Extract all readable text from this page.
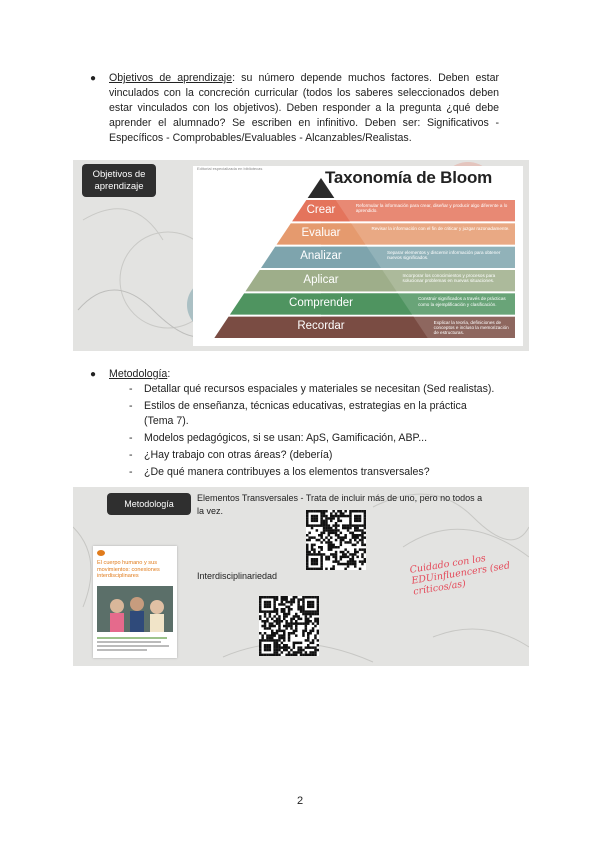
● Objetivos de aprendizaje: su número depende muchos factores. Deben estar vinculados con la concreción curricular (todos los saberes seleccionados deben estar vinculados con los objetivos). Deben responder a la pregunta ¿qué debe aprender el alumnado? Se escriben en infinitivo. Deben ser: Significativos - Específicos - Comprobables/Evaluables - Alcanzables/Realistas.
Objetivos de aprendizaje
Editorial especializada en bibliotecas	Taxonomía de Bloom
Crear	Reformular la información para crear, diseñar y producir algo diferente a lo aprendido.
Evaluar	Revisar la información con el fin de criticar y juzgar razonadamente.
Analizar	Separar elementos y discernir información para obtener nuevos significados.
Aplicar	Incorporar los conocimientos y procesos para solucionar problemas en nuevas situaciones.
Comprender	Construir significados a través de prácticas como la ejemplificación y clasificación.
Recordar	Explicar la teoría, definiciones de conceptos e incluso la memorización de estructuras.
● Metodología:

- Detallar qué recursos espaciales y materiales se necesitan (Sed realistas).

- Estilos de enseñanza, técnicas educativas, estrategias en la práctica (Tema 7).

- Modelos pedagógicos, si se usan: ApS, Gamificación, ABP...

- ¿Hay trabajo con otras áreas? (debería)

- ¿De qué manera contribuyes a los elementos transversales?

Metodología
Elementos Transversales - Trata de incluir más de uno, pero no todos a la vez.
Interdisciplinariedad
El cuerpo humano y sus movimientos: conexiones interdisciplinares
Cuidado con los EDUinfluencers (sed críticos/as)
2
